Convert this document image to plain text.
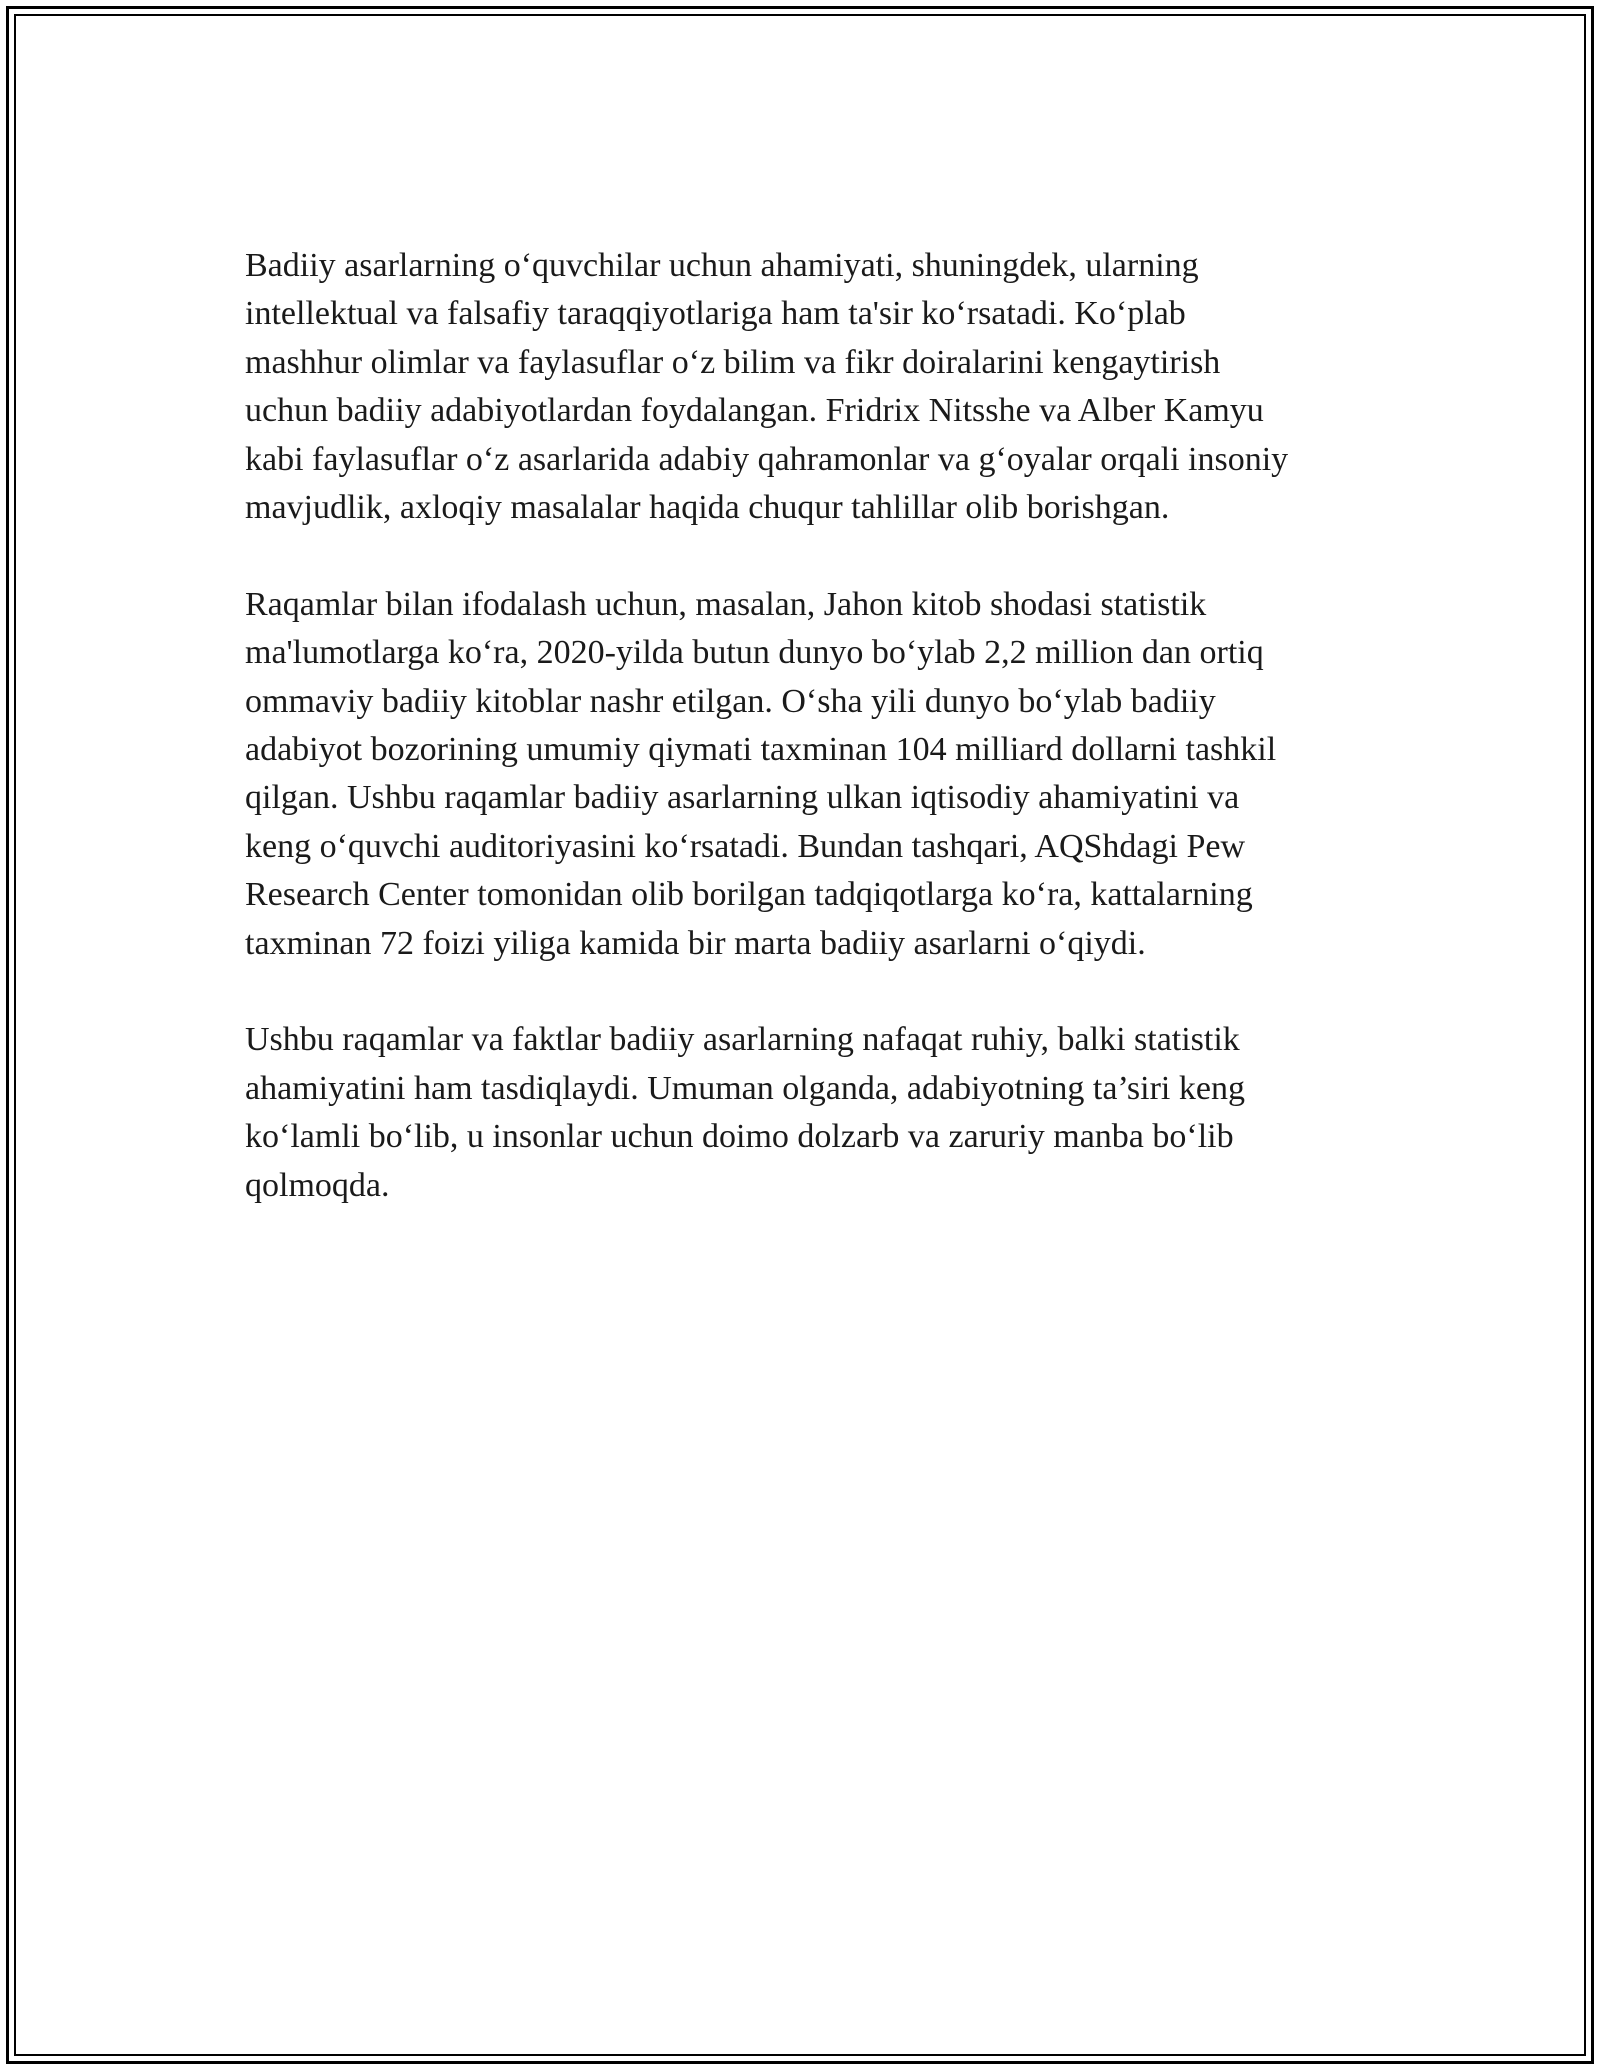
Badiiy asarlarning oʻquvchilar uchun ahamiyati, shuningdek, ularning
intellektual va falsafiy taraqqiyotlariga ham ta'sir koʻrsatadi. Koʻplab
mashhur olimlar va faylasuflar oʻz bilim va fikr doiralarini kengaytirish
uchun badiiy adabiyotlardan foydalangan. Fridrix Nitsshe va Alber Kamyu
kabi faylasuflar oʻz asarlarida adabiy qahramonlar va gʻoyalar orqali insoniy
mavjudlik, axloqiy masalalar haqida chuqur tahlillar olib borishgan.

Raqamlar bilan ifodalash uchun, masalan, Jahon kitob shodasi statistik
ma'lumotlarga koʻra, 2020-yilda butun dunyo boʻylab 2,2 million dan ortiq
ommaviy badiiy kitoblar nashr etilgan. Oʻsha yili dunyo boʻylab badiiy
adabiyot bozorining umumiy qiymati taxminan 104 milliard dollarni tashkil
qilgan. Ushbu raqamlar badiiy asarlarning ulkan iqtisodiy ahamiyatini va
keng oʻquvchi auditoriyasini koʻrsatadi. Bundan tashqari, AQShdagi Pew
Research Center tomonidan olib borilgan tadqiqotlarga koʻra, kattalarning
taxminan 72 foizi yiliga kamida bir marta badiiy asarlarni oʻqiydi.

Ushbu raqamlar va faktlar badiiy asarlarning nafaqat ruhiy, balki statistik
ahamiyatini ham tasdiqlaydi. Umuman olganda, adabiyotning ta’siri keng
koʻlamli boʻlib, u insonlar uchun doimo dolzarb va zaruriy manba boʻlib
qolmoqda.
